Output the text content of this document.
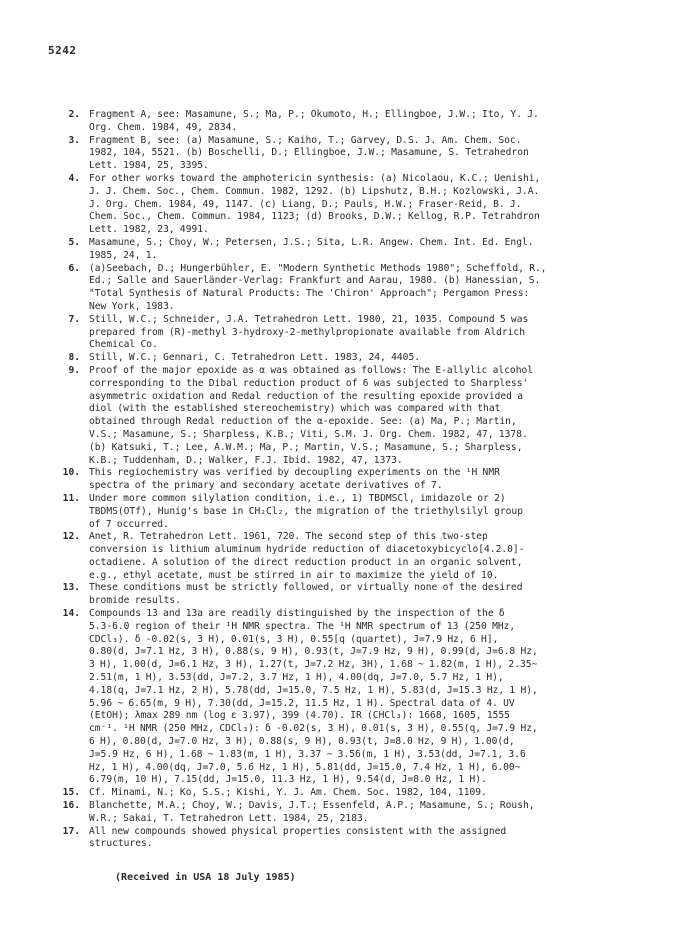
5242
2. Fragment A, see: Masamune, S.; Ma, P.; Okumoto, H.; Ellingboe, J.W.; Ito, Y. J.
Org. Chem. 1984, 49, 2834.
3. Fragment B, see: (a) Masamune, S.; Kaiho, T.; Garvey, D.S. J. Am. Chem. Soc.
1982, 104, 5521. (b) Boschelli, D.; Ellingboe, J.W.; Masamune, S. Tetrahedron
Lett. 1984, 25, 3395.
4. For other works toward the amphotericin synthesis: (a) Nicolaou, K.C.; Uenishi,
J. J. Chem. Soc., Chem. Commun. 1982, 1292. (b) Lipshutz, B.H.; Kozlowski, J.A.
J. Org. Chem. 1984, 49, 1147. (c) Liang, D.; Pauls, H.W.; Fraser-Reid, B. J.
Chem. Soc., Chem. Commun. 1984, 1123; (d) Brooks, D.W.; Kellog, R.P. Tetrahdron
Lett. 1982, 23, 4991.
5. Masamune, S.; Choy, W.; Petersen, J.S.; Sita, L.R. Angew. Chem. Int. Ed. Engl.
1985, 24, 1.
6. (a)Seebach, D.; Hungerbühler, E. "Modern Synthetic Methods 1980"; Scheffold, R.,
Ed.; Salle and Sauerländer-Verlag: Frankfurt and Aarau, 1980. (b) Hanessian, S.
"Total Synthesis of Natural Products: The 'Chiron' Approach"; Pergamon Press:
New York, 1983.
7. Still, W.C.; Schneider, J.A. Tetrahedron Lett. 1980, 21, 1035. Compound 5 was
prepared from (R)-methyl 3-hydroxy-2-methylpropionate available from Aldrich
Chemical Co.
8. Still, W.C.; Gennari, C. Tetrahedron Lett. 1983, 24, 4405.
9. Proof of the major epoxide as α was obtained as follows: The E-allylic alcohol
corresponding to the Dibal reduction product of 6 was subjected to Sharpless'
asymmetric oxidation and Redal reduction of the resulting epoxide provided a
diol (with the established stereochemistry) which was compared with that
obtained through Redal reduction of the α-epoxide. See: (a) Ma, P.; Martin,
V.S.; Masamune, S.; Sharpless, K.B.; Viti, S.M. J. Org. Chem. 1982, 47, 1378.
(b) Katsuki, T.; Lee, A.W.M.; Ma, P.; Martin, V.S.; Masamune, S.; Sharpless,
K.B.; Tuddenham, D.; Walker, F.J. Ibid. 1982, 47, 1373.
10. This regiochemistry was verified by decoupling experiments on the ¹H NMR
spectra of the primary and secondary acetate derivatives of 7.
11. Under more common silylation condition, i.e., 1) TBDMSCl, imidazole or 2)
TBDMS(OTf), Hunig's base in CH₂Cl₂, the migration of the triethylsilyl group
of 7 occurred.
12. Anet, R. Tetrahedron Lett. 1961, 720. The second step of this two-step
conversion is lithium aluminum hydride reduction of diacetoxybicyclo[4.2.0]-
octadiene. A solution of the direct reduction product in an organic solvent,
e.g., ethyl acetate, must be stirred in air to maximize the yield of 10.
13. These conditions must be strictly followed, or virtually none of the desired
bromide results.
14. Compounds 13 and 13a are readily distinguished by the inspection of the δ
5.3-6.0 region of their ¹H NMR spectra. The ¹H NMR spectrum of 13 (250 MHz,
CDCl₃). δ -0.02(s, 3 H), 0.01(s, 3 H), 0.55[q (quartet), J=7.9 Hz, 6 H],
0.80(d, J=7.1 Hz, 3 H), 0.88(s, 9 H), 0.93(t, J=7.9 Hz, 9 H), 0.99(d, J=6.8 Hz,
3 H), 1.00(d, J=6.1 Hz, 3 H), 1.27(t, J=7.2 Hz, 3H), 1.68 ~ 1.82(m, 1 H), 2.35~
2.51(m, 1 H), 3.53(dd, J=7.2, 3.7 Hz, 1 H), 4.00(dq, J=7.0, 5.7 Hz, 1 H),
4.18(q, J=7.1 Hz, 2 H), 5.78(dd, J=15.0, 7.5 Hz, 1 H), 5.83(d, J=15.3 Hz, 1 H),
5.96 ~ 6.65(m, 9 H), 7.30(dd, J=15.2, 11.5 Hz, 1 H). Spectral data of 4. UV
(EtOH); λmax 289 nm (log ε 3.97), 399 (4.70). IR (CHCl₃): 1668, 1605, 1555
cm⁻¹. ¹H NMR (250 MHz, CDCl₃): δ -0.02(s, 3 H), 0.01(s, 3 H), 0.55(q, J=7.9 Hz,
6 H), 0.80(d, J=7.0 Hz, 3 H), 0.88(s, 9 H), 0.93(t, J=8.0 Hz, 9 H), 1.00(d,
J=5.9 Hz, 6 H), 1.68 ~ 1.83(m, 1 H), 3.37 ~ 3.56(m, 1 H), 3.53(dd, J=7.1, 3.6
Hz, 1 H), 4.00(dq, J=7.0, 5.6 Hz, 1 H), 5.81(dd, J=15.0, 7.4 Hz, 1 H), 6.00~
6.79(m, 10 H), 7.15(dd, J=15.0, 11.3 Hz, 1 H), 9.54(d, J=8.0 Hz, 1 H).
15. Cf. Minami, N.; Ko, S.S.; Kishi, Y. J. Am. Chem. Soc. 1982, 104, 1109.
16. Blanchette, M.A.; Choy, W.; Davis, J.T.; Essenfeld, A.P.; Masamune, S.; Roush,
W.R.; Sakai, T. Tetrahedron Lett. 1984, 25, 2183.
17. All new compounds showed physical properties consistent with the assigned
structures.
(Received in USA 18 July 1985)
